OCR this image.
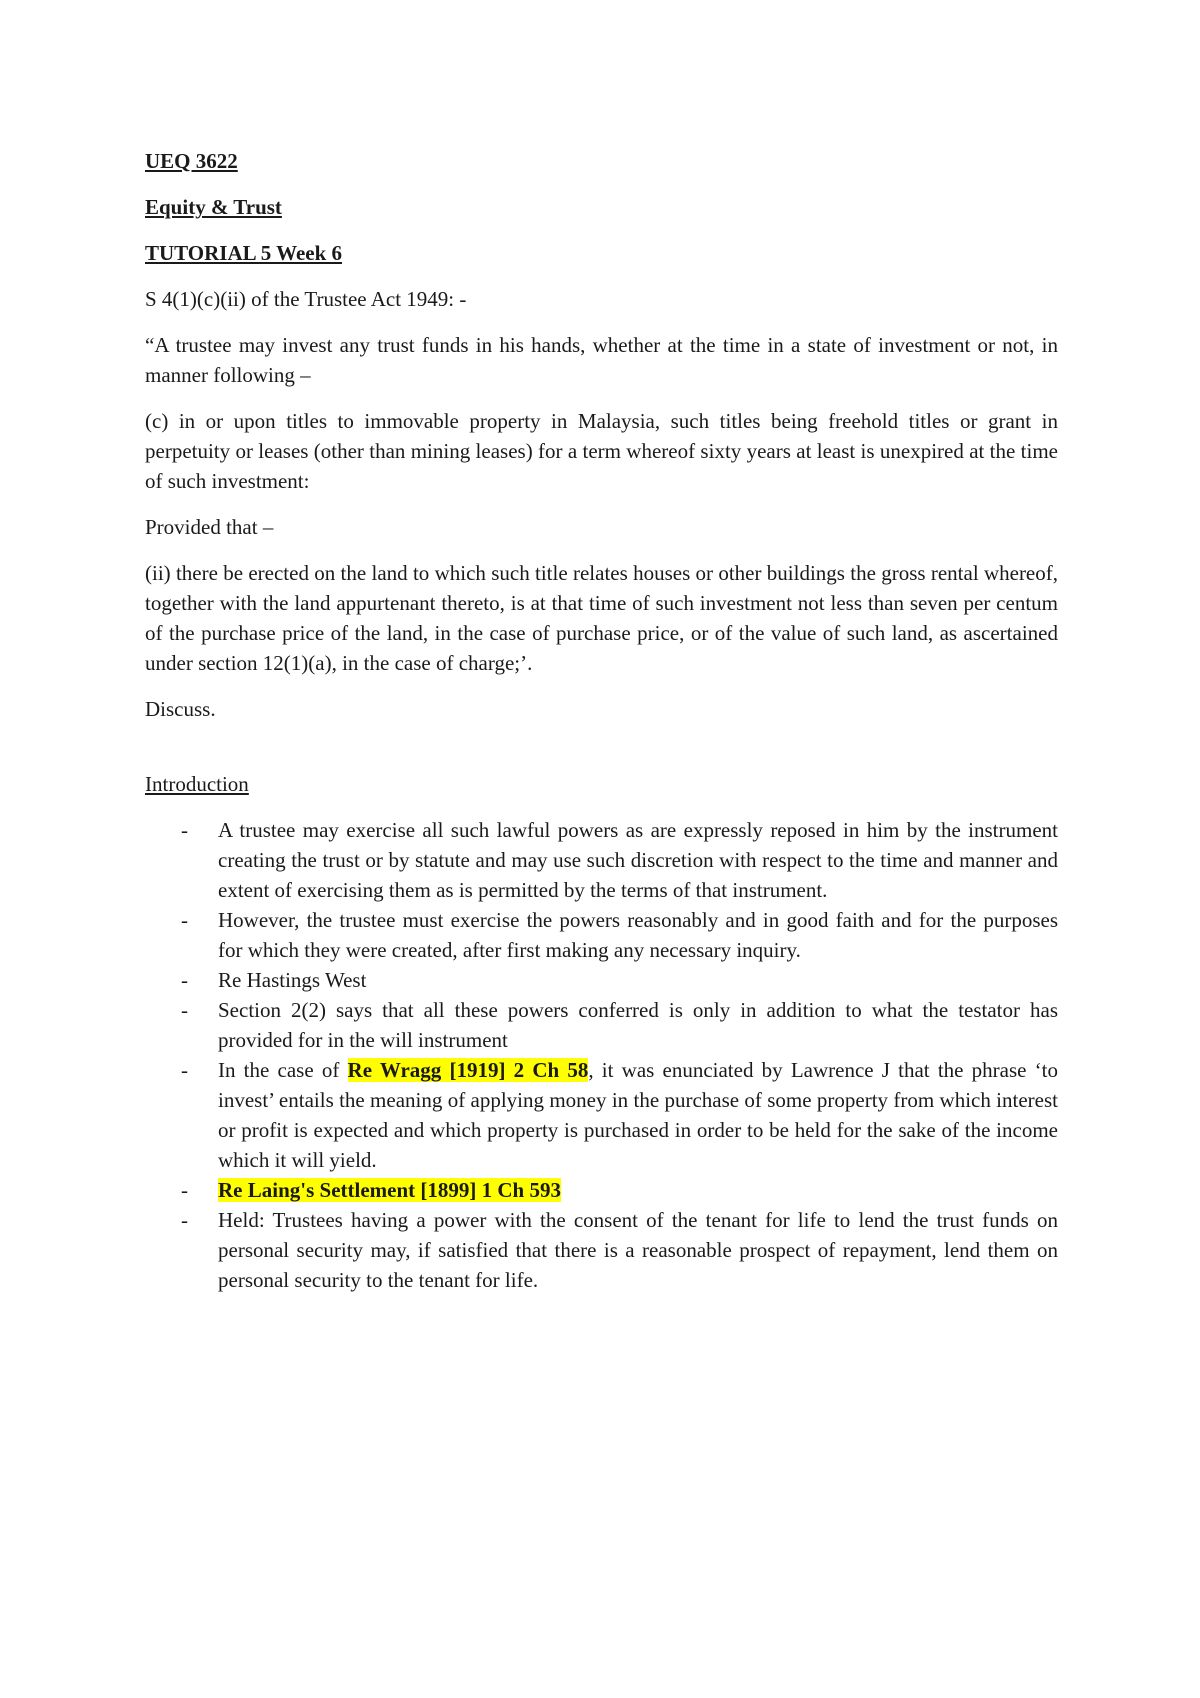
UEQ 3622

Equity & Trust

TUTORIAL 5 Week 6

S 4(1)(c)(ii) of the Trustee Act 1949: -

“A trustee may invest any trust funds in his hands, whether at the time in a state of investment or not, in manner following –

(c) in or upon titles to immovable property in Malaysia, such titles being freehold titles or grant in perpetuity or leases (other than mining leases) for a term whereof sixty years at least is unexpired at the time of such investment:

Provided that –

(ii) there be erected on the land to which such title relates houses or other buildings the gross rental whereof, together with the land appurtenant thereto, is at that time of such investment not less than seven per centum of the purchase price of the land, in the case of purchase price, or of the value of such land, as ascertained under section 12(1)(a), in the case of charge;’.

Discuss.

Introduction

- A trustee may exercise all such lawful powers as are expressly reposed in him by the instrument creating the trust or by statute and may use such discretion with respect to the time and manner and extent of exercising them as is permitted by the terms of that instrument.
- However, the trustee must exercise the powers reasonably and in good faith and for the purposes for which they were created, after first making any necessary inquiry.
- Re Hastings West
- Section 2(2) says that all these powers conferred is only in addition to what the testator has provided for in the will instrument
- In the case of Re Wragg [1919] 2 Ch 58, it was enunciated by Lawrence J that the phrase ‘to invest’ entails the meaning of applying money in the purchase of some property from which interest or profit is expected and which property is purchased in order to be held for the sake of the income which it will yield.
- Re Laing's Settlement [1899] 1 Ch 593
- Held: Trustees having a power with the consent of the tenant for life to lend the trust funds on personal security may, if satisfied that there is a reasonable prospect of repayment, lend them on personal security to the tenant for life.
